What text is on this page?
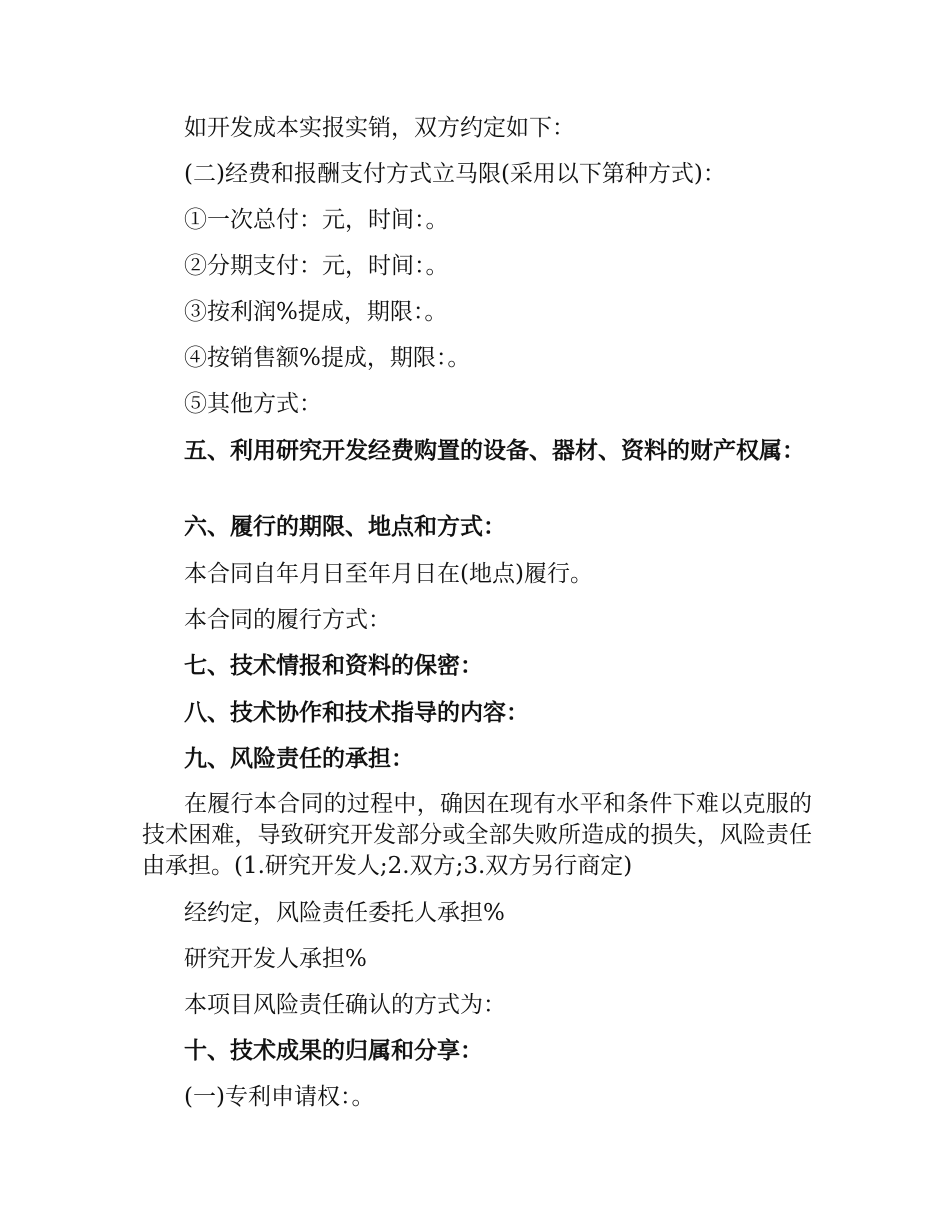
如开发成本实报实销，双方约定如下：

(二)经费和报酬支付方式立马限(采用以下第种方式)：

①一次总付：元，时间：。

②分期支付：元，时间：。

③按利润%提成，期限：。

④按销售额%提成，期限：。

⑤其他方式：

五、利用研究开发经费购置的设备、器材、资料的财产权属：

六、履行的期限、地点和方式：

本合同自年月日至年月日在(地点)履行。

本合同的履行方式：

七、技术情报和资料的保密：

八、技术协作和技术指导的内容：

九、风险责任的承担：

在履行本合同的过程中，确因在现有水平和条件下难以克服的技术困难，导致研究开发部分或全部失败所造成的损失，风险责任由承担。(1.研究开发人;2.双方;3.双方另行商定)

经约定，风险责任委托人承担%

研究开发人承担%

本项目风险责任确认的方式为：

十、技术成果的归属和分享：

(一)专利申请权：。
